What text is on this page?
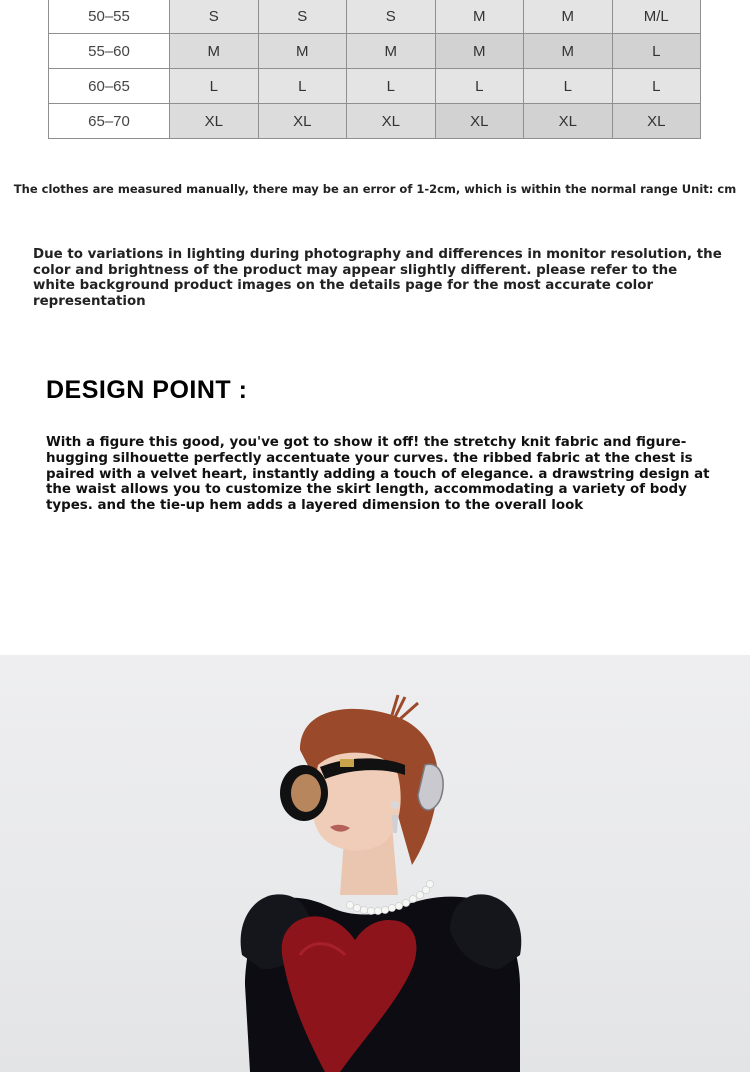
50–55	S	S	S	M	M	M/L
55–60	M	M	M	M	M	L
60–65	L	L	L	L	L	L
65–70	XL	XL	XL	XL	XL	XL
The clothes are measured manually, there may be an error of 1-2cm, which is within the normal range Unit: cm
Due to variations in lighting during photography and differences in monitor resolution, the color and brightness of the product may appear slightly different. please refer to the white background product images on the details page for the most accurate color representation
DESIGN POINT :
With a figure this good, you've got to show it off! the stretchy knit fabric and figure-hugging silhouette perfectly accentuate your curves. the ribbed fabric at the chest is paired with a velvet heart, instantly adding a touch of elegance. a drawstring design at the waist allows you to customize the skirt length, accommodating a variety of body types. and the tie-up hem adds a layered dimension to the overall look
